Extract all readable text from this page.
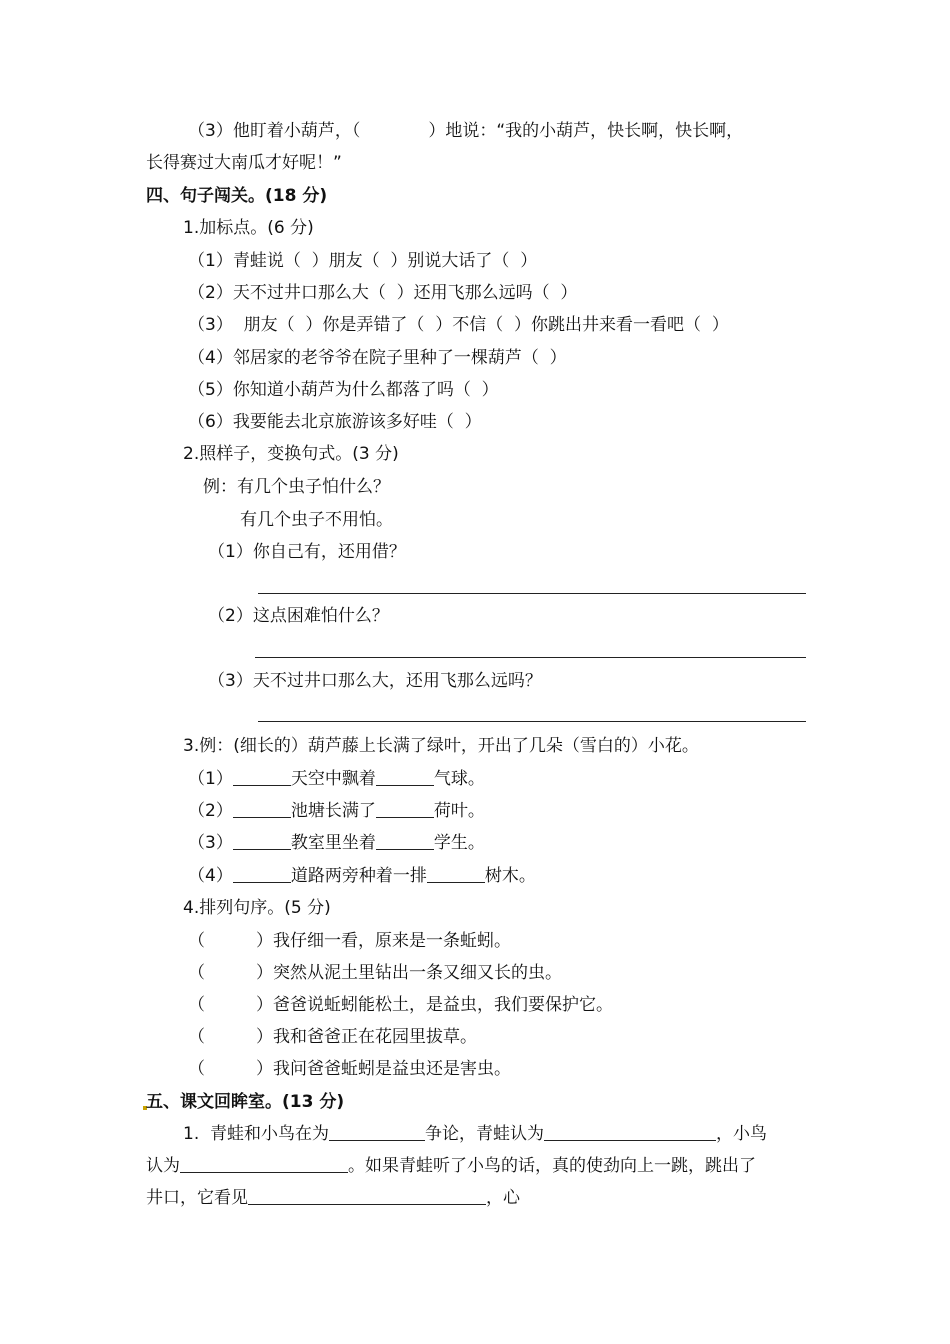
（3）他盯着小葫芦，（　　　　）地说：“我的小葫芦，快长啊，快长啊，
长得赛过大南瓜才好呢！”
四、句子闯关。(18 分)
1.加标点。(6 分)
（1）青蛙说（  ）朋友（  ）别说大话了（  ）
（2）天不过井口那么大（  ）还用飞那么远吗（  ）
（3）  朋友（  ）你是弄错了（  ）不信（  ）你跳出井来看一看吧（  ）
（4）邻居家的老爷爷在院子里种了一棵葫芦（  ）
（5）你知道小葫芦为什么都落了吗（  ）
（6）我要能去北京旅游该多好哇（  ）
2.照样子，变换句式。(3 分)
例：有几个虫子怕什么？
有几个虫子不用怕。
（1）你自己有，还用借？
（2）这点困难怕什么？
（3）天不过井口那么大，还用飞那么远吗？
3.例：(细长的）葫芦藤上长满了绿叶，开出了几朵（雪白的）小花。
（1）	天空中飘着	气球。
（2）	池塘长满了	荷叶。
（3）	教室里坐着	学生。
（4）	道路两旁种着一排	树木。
4.排列句序。(5 分)
（　　　）我仔细一看，原来是一条蚯蚓。
（　　　）突然从泥土里钻出一条又细又长的虫。
（　　　）爸爸说蚯蚓能松土，是益虫，我们要保护它。
（　　　）我和爸爸正在花园里拔草。
（　　　）我问爸爸蚯蚓是益虫还是害虫。
五、课文回眸室。(13 分)
1.  青蛙和小鸟在为	争论，青蛙认为	，小鸟
认为	。如果青蛙听了小鸟的话，真的使劲向上一跳，跳出了
井口，它看见	，心
